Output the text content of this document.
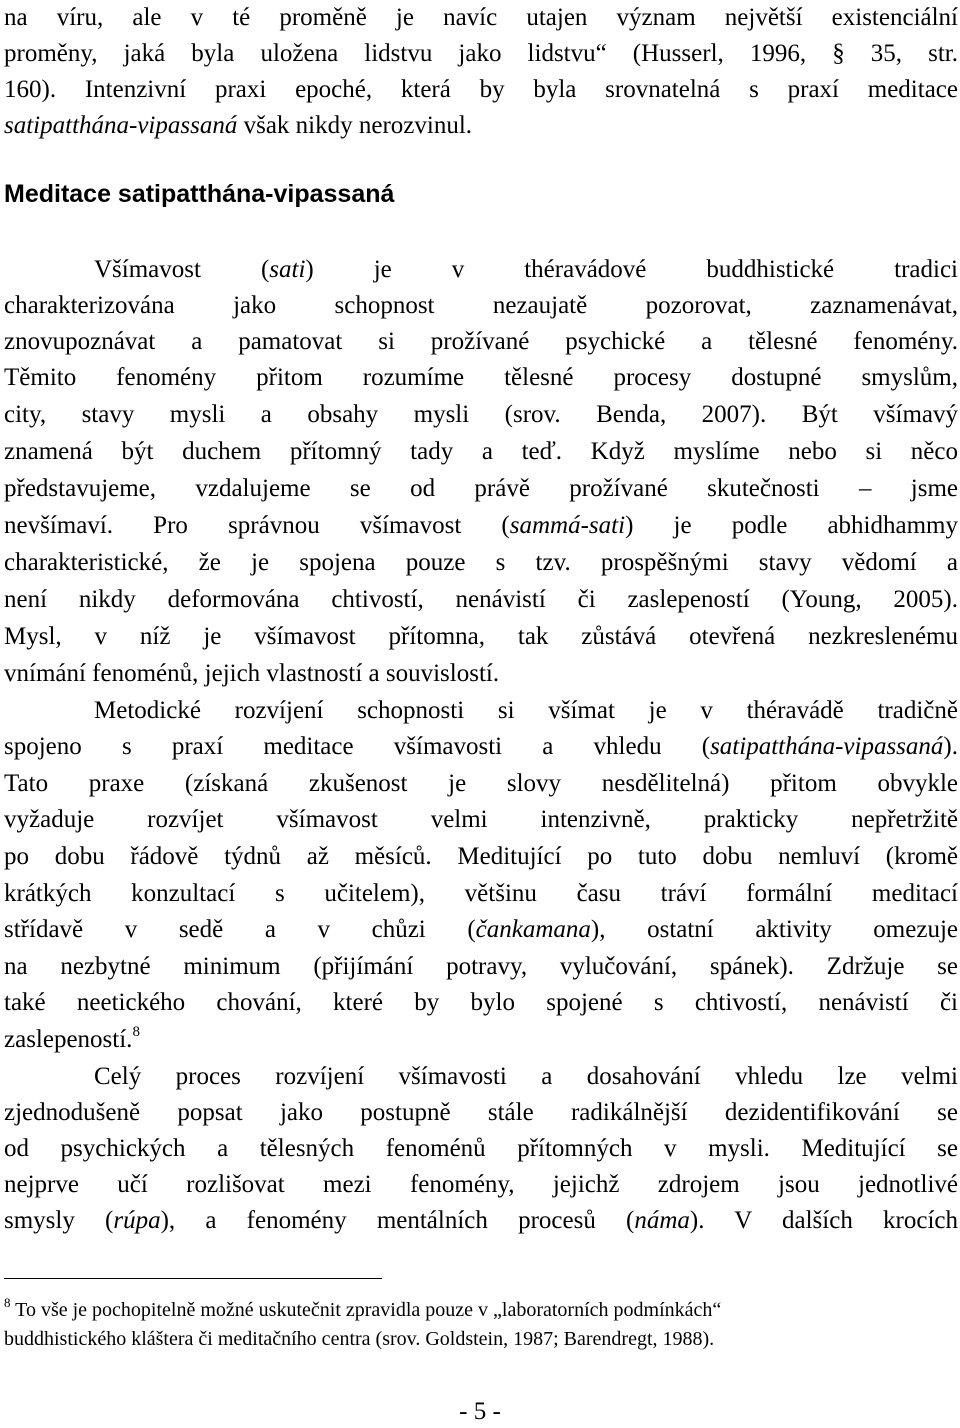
na víru, ale v té proměně je navíc utajen význam největší existenciální
proměny, jaká byla uložena lidstvu jako lidstvu“ (Husserl, 1996, § 35, str.
160). Intenzivní praxi epoché, která by byla srovnatelná s praxí meditace
satipatthána-vipassaná však nikdy nerozvinul.
Meditace satipatthána-vipassaná
Všímavost (sati) je v théravádové buddhistické tradici
charakterizována jako schopnost nezaujatě pozorovat, zaznamenávat,
znovupoznávat a pamatovat si prožívané psychické a tělesné fenomény.
Těmito fenomény přitom rozumíme tělesné procesy dostupné smyslům,
city, stavy mysli a obsahy mysli (srov. Benda, 2007). Být všímavý
znamená být duchem přítomný tady a teď. Když myslíme nebo si něco
představujeme, vzdalujeme se od právě prožívané skutečnosti – jsme
nevšímaví. Pro správnou všímavost (sammá-sati) je podle abhidhammy
charakteristické, že je spojena pouze s tzv. prospěšnými stavy vědomí a
není nikdy deformována chtivostí, nenávistí či zaslepeností (Young, 2005).
Mysl, v níž je všímavost přítomna, tak zůstává otevřená nezkreslenému
vnímání fenoménů, jejich vlastností a souvislostí.
Metodické rozvíjení schopnosti si všímat je v théravádě tradičně
spojeno s praxí meditace všímavosti a vhledu (satipatthána-vipassaná).
Tato praxe (získaná zkušenost je slovy nesdělitelná) přitom obvykle
vyžaduje rozvíjet všímavost velmi intenzivně, prakticky nepřetržitě
po dobu řádově týdnů až měsíců. Meditující po tuto dobu nemluví (kromě
krátkých konzultací s učitelem), většinu času tráví formální meditací
střídavě v sedě a v chůzi (čankamana), ostatní aktivity omezuje
na nezbytné minimum (přijímání potravy, vylučování, spánek). Zdržuje se
také neetického chování, které by bylo spojené s chtivostí, nenávistí či
zaslepeností.$^8$
Celý proces rozvíjení všímavosti a dosahování vhledu lze velmi
zjednodušeně popsat jako postupně stále radikálnější dezidentifikování se
od psychických a tělesných fenoménů přítomných v mysli. Meditující se
nejprve učí rozlišovat mezi fenomény, jejichž zdrojem jsou jednotlivé
smysly (rúpa), a fenomény mentálních procesů (náma). V dalších krocích
$^8$ To vše je pochopitelně možné uskutečnit zpravidla pouze v „laboratorních podmínkách“
buddhistického kláštera či meditačního centra (srov. Goldstein, 1987; Barendregt, 1988).
- 5 -
